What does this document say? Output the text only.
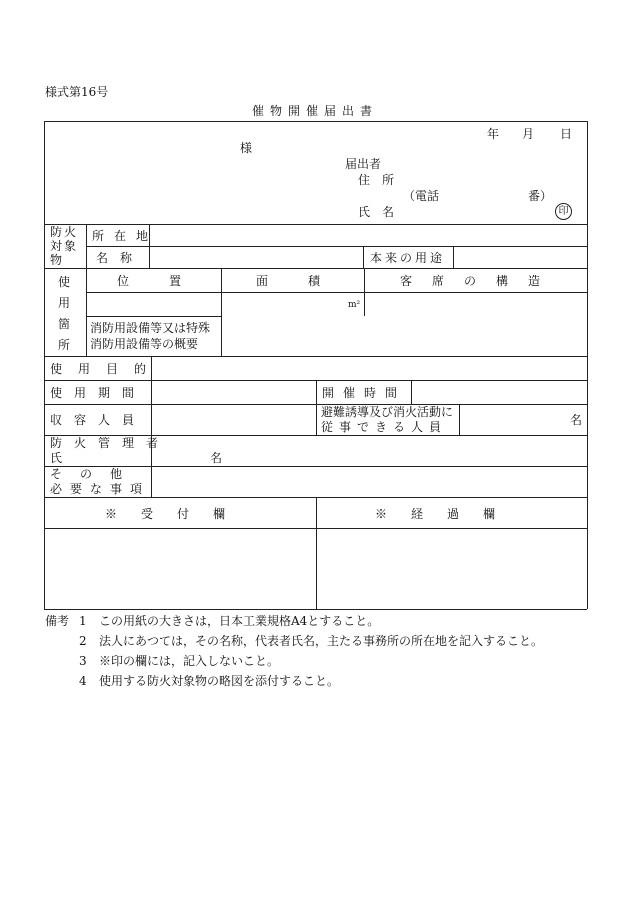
様式第16号
催物開催届出書
年 月 日
様
届出者
住　所
（電話	番）
氏　名	印
防火対象物
所在地
名　称	本来の用途
使用箇所
位　置	面　積	客席の構造
m²
消防用設備等又は特殊
消防用設備等の概要
使用目的
使用期間	開催時間
収容人員
避難誘導及び消火活動に
従事できる人員	名
防火管理者
氏　名
その他
必要な事項
※　受　付　欄	※　経　過　欄
備考 1 この用紙の大きさは，日本工業規格A4とすること。
2 法人にあつては，その名称，代表者氏名，主たる事務所の所在地を記入すること。
3 ※印の欄には，記入しないこと。
4 使用する防火対象物の略図を添付すること。
